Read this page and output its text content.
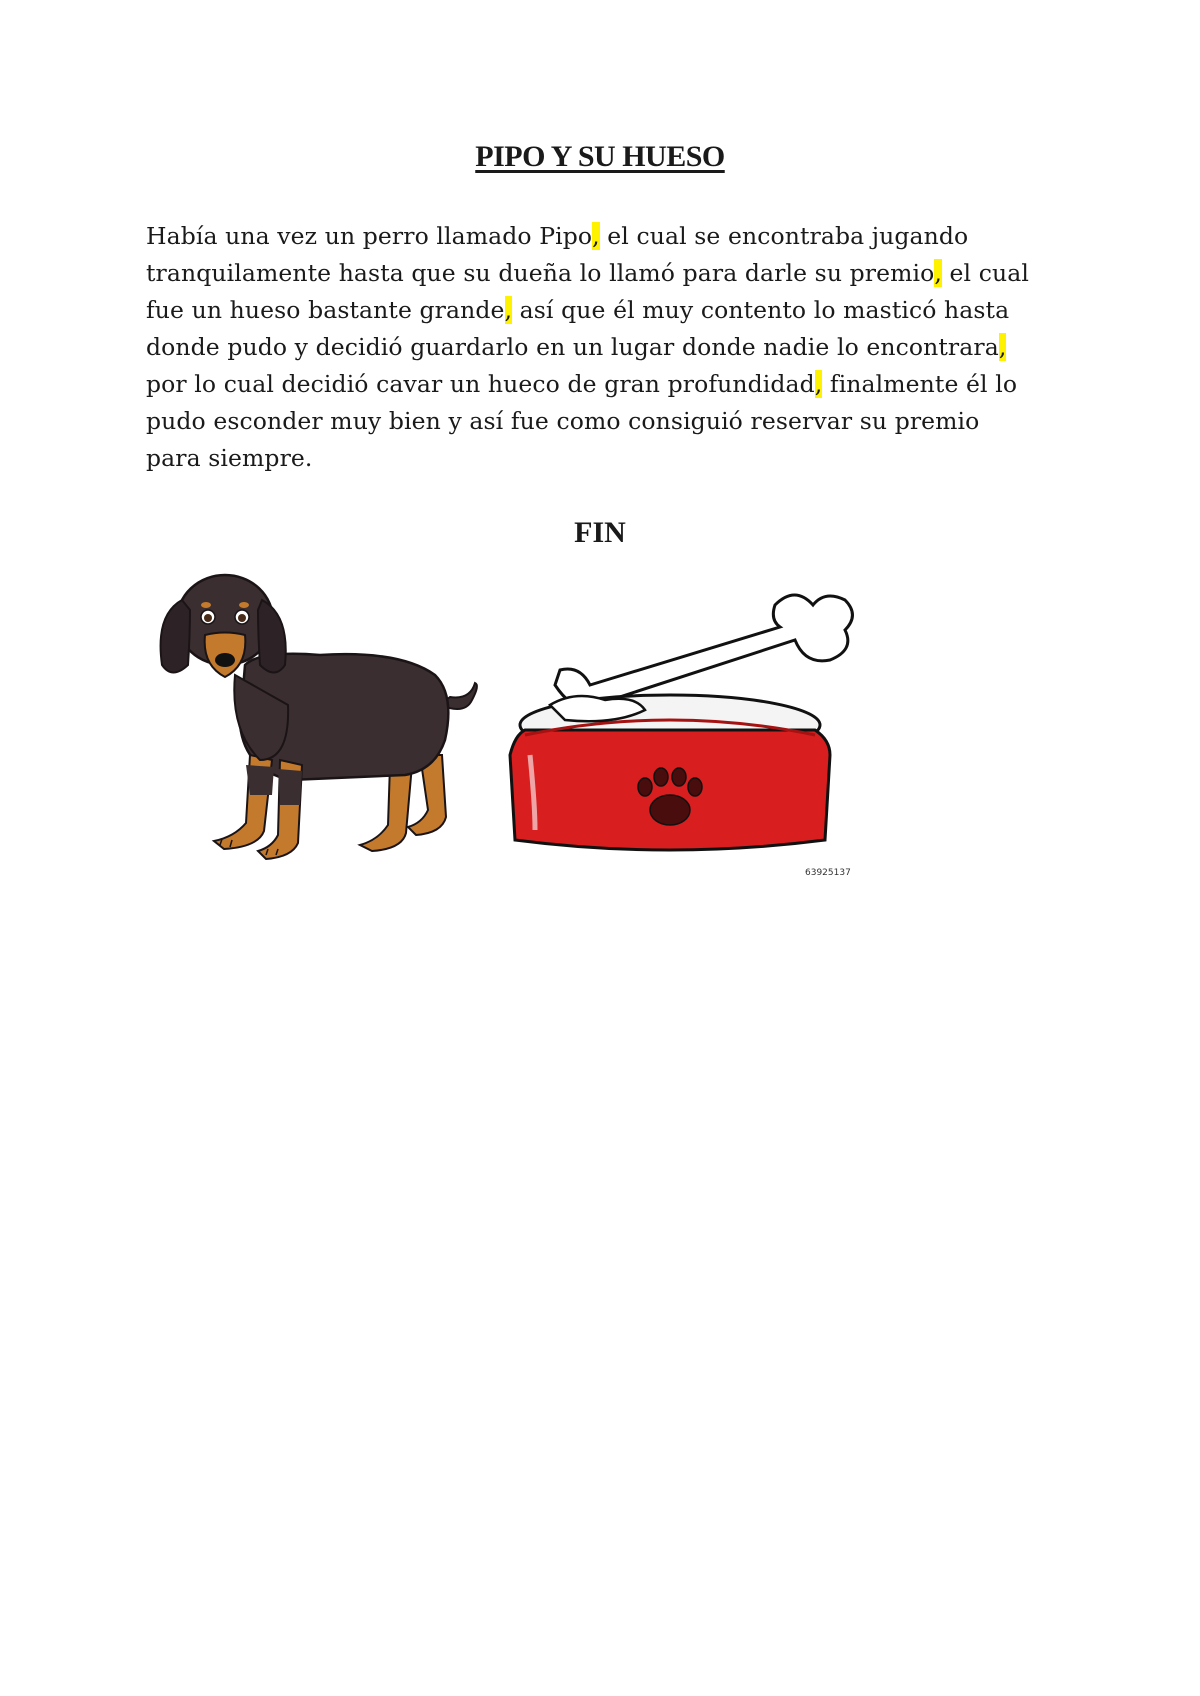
PIPO Y SU HUESO
Había una vez un perro llamado Pipo, el cual se encontraba jugando
tranquilamente hasta que su dueña lo llamó para darle su premio, el cual
fue un hueso bastante grande, así que él muy contento lo masticó hasta
donde pudo y decidió guardarlo en un lugar donde nadie lo encontrara,
por lo cual decidió cavar un hueco de gran profundidad, finalmente él lo
pudo esconder muy bien y así fue como consiguió reservar su premio
para siempre.
FIN
63925137
